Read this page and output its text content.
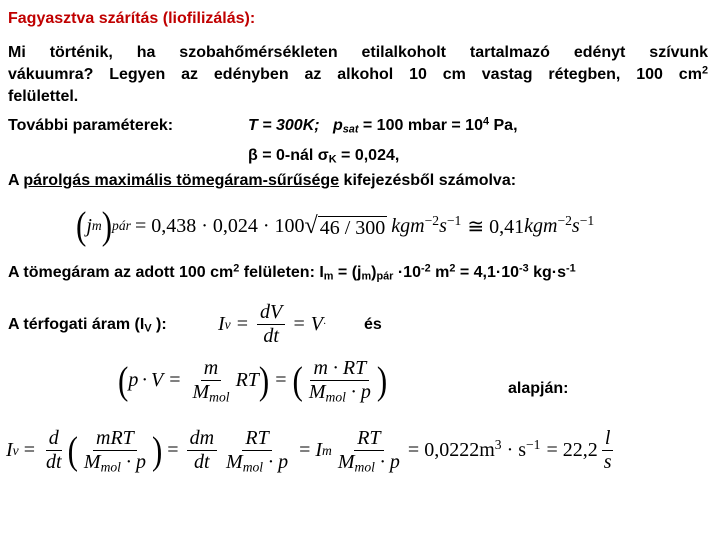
Fagyasztva szárítás (liofilizálás):
Mi történik, ha szobahőmérsékleten etilalkoholt tartalmazó edényt szívunk
vákuumra? Legyen az edényben az alkohol 10 cm vastag rétegben, 100 $cm^2$
felülettel.
További paraméterek:	T = 300K; $p_{sat} = 100$ mbar = $10^4$ Pa,
β = 0-nál $\sigma_K = 0,024$,
A párolgás maximális tömegáram-sűrűsége kifejezésből számolva:
( j m ) pár = 0,438 · 0,024 · 100 √ 46 / 300 $kgm^{-2}s^{-1}$ ≅ 0,41 $kgm^{-2}s^{-1}$
A tömegáram az adott 100 $cm^2$ felületen: $I_m = (j_m)_{pár} \cdot 10^{-2}$ $m^2 = 4,1\cdot 10^{-3}$ $kg\cdot s^{-1}$
A térfogati áram ($I_V$ ):	I $v = \frac{dV}{dt} = V$ · és
( $p \cdot V = \frac{m}{M_{mol}}$ RT ) = ( $\frac{m \cdot RT}{M_{mol} \cdot p}$ )	alapján:
I $v = \frac{d}{dt}$ ( $\frac{\text{mRT}}{M_{mol} \cdot p}$ ) = $\frac{dm}{dt} \frac{RT}{M_{mol} \cdot p} = I$ m $\frac{RT}{M_{mol} \cdot p} = 0,0222m^3 \cdot s^{-1} = 22,2 \frac{l}{s}$
